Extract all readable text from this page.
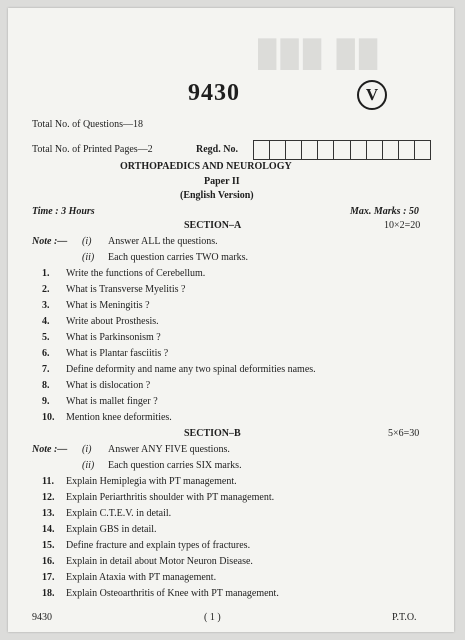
███ ██
9430	V
Total No. of Questions—18
Total No. of Printed Pages—2	Regd. No.
ORTHOPAEDICS AND NEUROLOGY
Paper II
(English Version)
Time : 3 Hours	Max. Marks : 50
SECTION–A	10×2=20
Note :— (i) Answer ALL the questions.
(ii) Each question carries TWO marks.
1. Write the functions of Cerebellum.
2. What is Transverse Myelitis ?
3. What is Meningitis ?
4. Write about Prosthesis.
5. What is Parkinsonism ?
6. What is Plantar fasciitis ?
7. Define deformity and name any two spinal deformities names.
8. What is dislocation ?
9. What is mallet finger ?
10. Mention knee deformities.
SECTION–B	5×6=30
Note :— (i) Answer ANY FIVE questions.
(ii) Each question carries SIX marks.
11. Explain Hemiplegia with PT management.
12. Explain Periarthritis shoulder with PT management.
13. Explain C.T.E.V. in detail.
14. Explain GBS in detail.
15. Define fracture and explain types of fractures.
16. Explain in detail about Motor Neuron Disease.
17. Explain Ataxia with PT management.
18. Explain Osteoarthritis of Knee with PT management.
9430	( 1 )	P.T.O.
